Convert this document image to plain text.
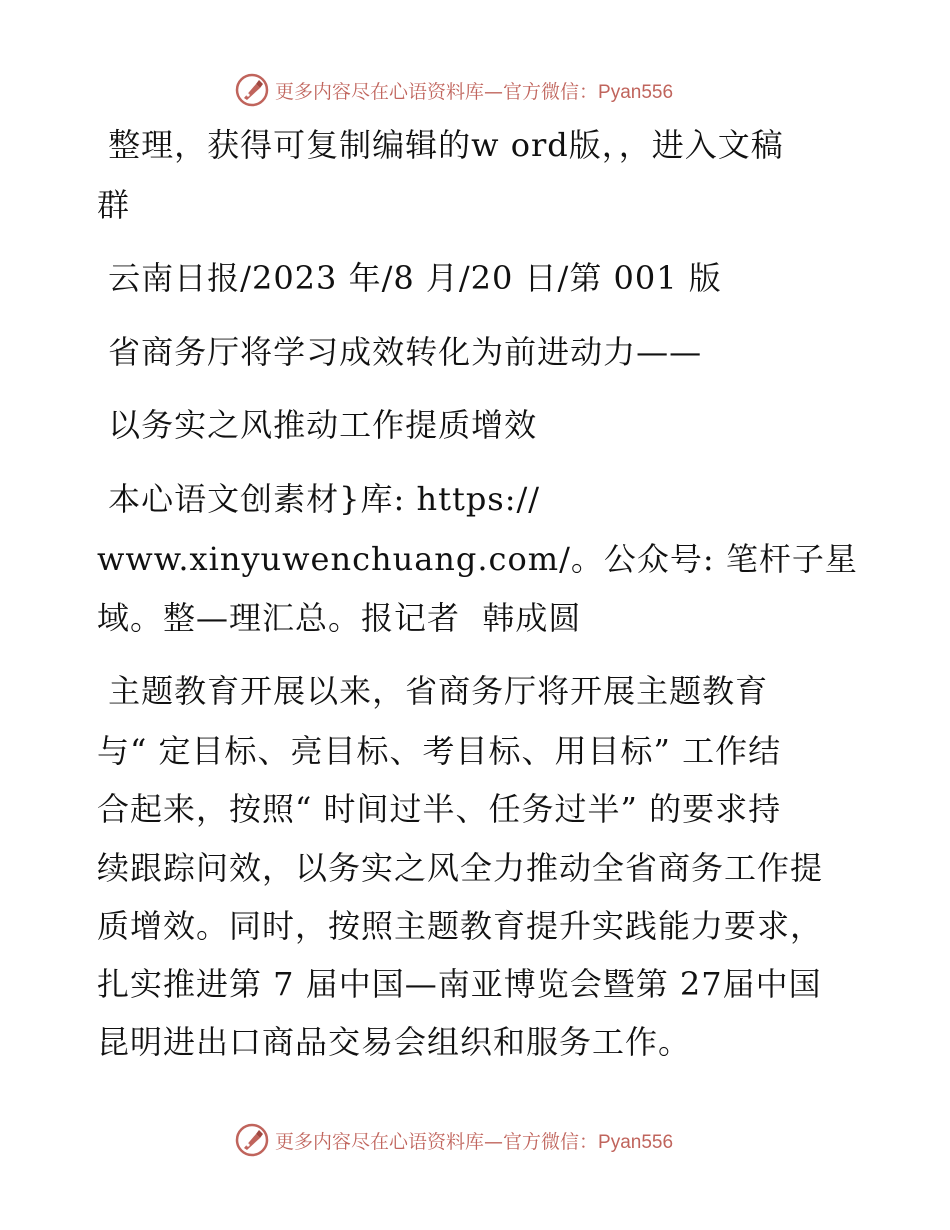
更多内容尽在心语资料库—官方微信：Pyan556
整理，获得可复制编辑的w ord版，，进入文稿
群
云南日报/2023 年/8 月/20 日/第 001 版
省商务厅将学习成效转化为前进动力——
以务实之风推动工作提质增效
本心语文创素材}库: https://
www.xinyuwenchuang.com/。公众号: 笔杆子星
域。整—理汇总。报记者  韩成圆
主题教育开展以来，省商务厅将开展主题教育
与“ 定目标、亮目标、考目标、用目标” 工作结
合起来，按照“ 时间过半、任务过半” 的要求持
续跟踪问效，以务实之风全力推动全省商务工作提
质增效。同时，按照主题教育提升实践能力要求，
扎实推进第 7 届中国—南亚博览会暨第 27届中国
昆明进出口商品交易会组织和服务工作。
更多内容尽在心语资料库—官方微信：Pyan556
